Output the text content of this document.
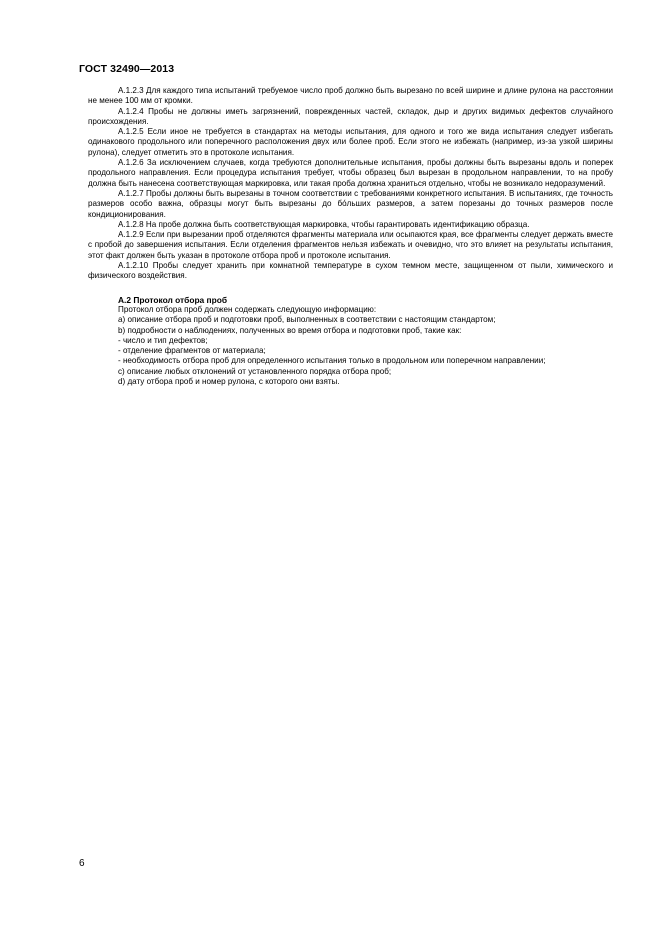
ГОСТ 32490—2013

А.1.2.3 Для каждого типа испытаний требуемое число проб должно быть вырезано по всей ширине и длине рулона на расстоянии не менее 100 мм от кромки.

А.1.2.4 Пробы не должны иметь загрязнений, поврежденных частей, складок, дыр и других видимых дефектов случайного происхождения.

А.1.2.5 Если иное не требуется в стандартах на методы испытания, для одного и того же вида испытания следует избегать одинакового продольного или поперечного расположения двух или более проб. Если этого не избежать (например, из-за узкой ширины рулона), следует отметить это в протоколе испытания.

А.1.2.6 За исключением случаев, когда требуются дополнительные испытания, пробы должны быть вырезаны вдоль и поперек продольного направления. Если процедура испытания требует, чтобы образец был вырезан в продольном направлении, то на пробу должна быть нанесена соответствующая маркировка, или такая проба должна храниться отдельно, чтобы не возникало недоразумений.

А.1.2.7 Пробы должны быть вырезаны в точном соответствии с требованиями конкретного испытания. В испытаниях, где точность размеров особо важна, образцы могут быть вырезаны до бо́льших размеров, а затем порезаны до точных размеров после кондиционирования.

А.1.2.8 На пробе должна быть соответствующая маркировка, чтобы гарантировать идентификацию образца.

А.1.2.9 Если при вырезании проб отделяются фрагменты материала или осыпаются края, все фрагменты следует держать вместе с пробой до завершения испытания. Если отделения фрагментов нельзя избежать и очевидно, что это влияет на результаты испытания, этот факт должен быть указан в протоколе отбора проб и протоколе испытания.

А.1.2.10 Пробы следует хранить при комнатной температуре в сухом темном месте, защищенном от пыли, химического и физического воздействия.

А.2 Протокол отбора проб

Протокол отбора проб должен содержать следующую информацию:

a) описание отбора проб и подготовки проб, выполненных в соответствии с настоящим стандартом;

b) подробности о наблюдениях, полученных во время отбора и подготовки проб, такие как:

- число и тип дефектов;

- отделение фрагментов от материала;

- необходимость отбора проб для определенного испытания только в продольном или поперечном направлении;

c) описание любых отклонений от установленного порядка отбора проб;

d) дату отбора проб и номер рулона, с которого они взяты.

6
